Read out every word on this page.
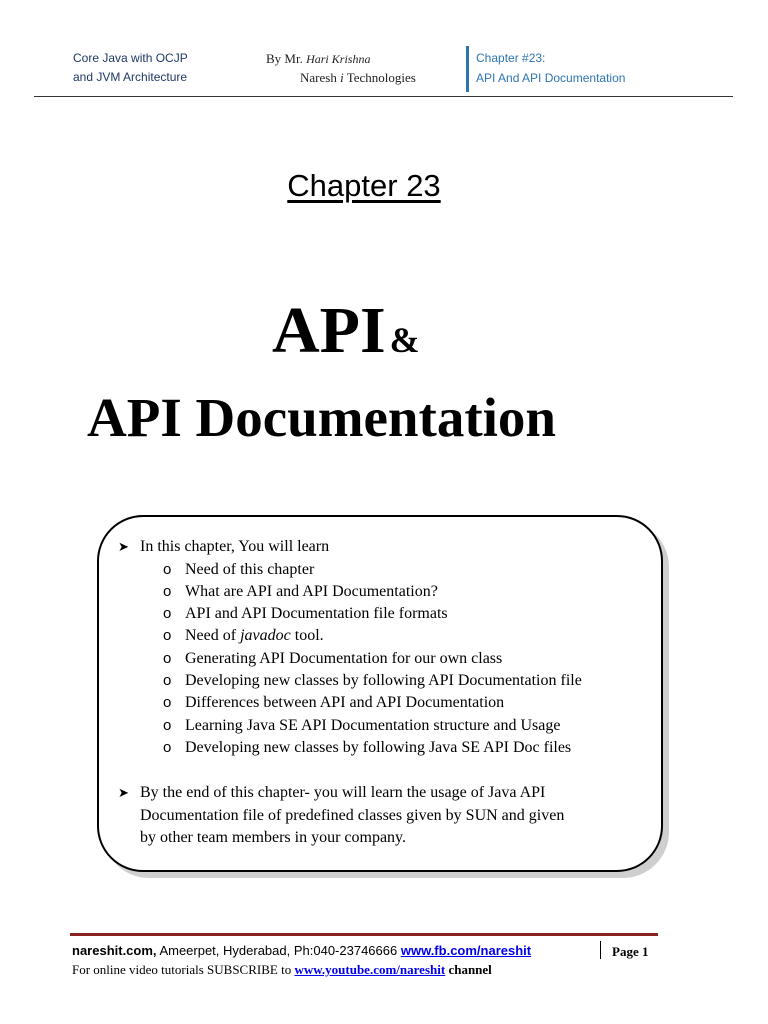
Core Java with OCJP
and JVM Architecture
By Mr. Hari Krishna
Naresh i Technologies
Chapter #23:
API And API Documentation
Chapter 23
API &
API Documentation
➤ In this chapter, You will learn
o Need of this chapter
o What are API and API Documentation?
o API and API Documentation file formats
o Need of javadoc tool.
o Generating API Documentation for our own class
o Developing new classes by following API Documentation file
o Differences between API and API Documentation
o Learning Java SE API Documentation structure and Usage
o Developing new classes by following Java SE API Doc files
➤ By the end of this chapter- you will learn the usage of Java API
Documentation file of predefined classes given by SUN and given
by other team members in your company.
nareshit.com, Ameerpet, Hyderabad, Ph:040-23746666 www.fb.com/nareshit	Page 1
For online video tutorials SUBSCRIBE to www.youtube.com/nareshit channel
